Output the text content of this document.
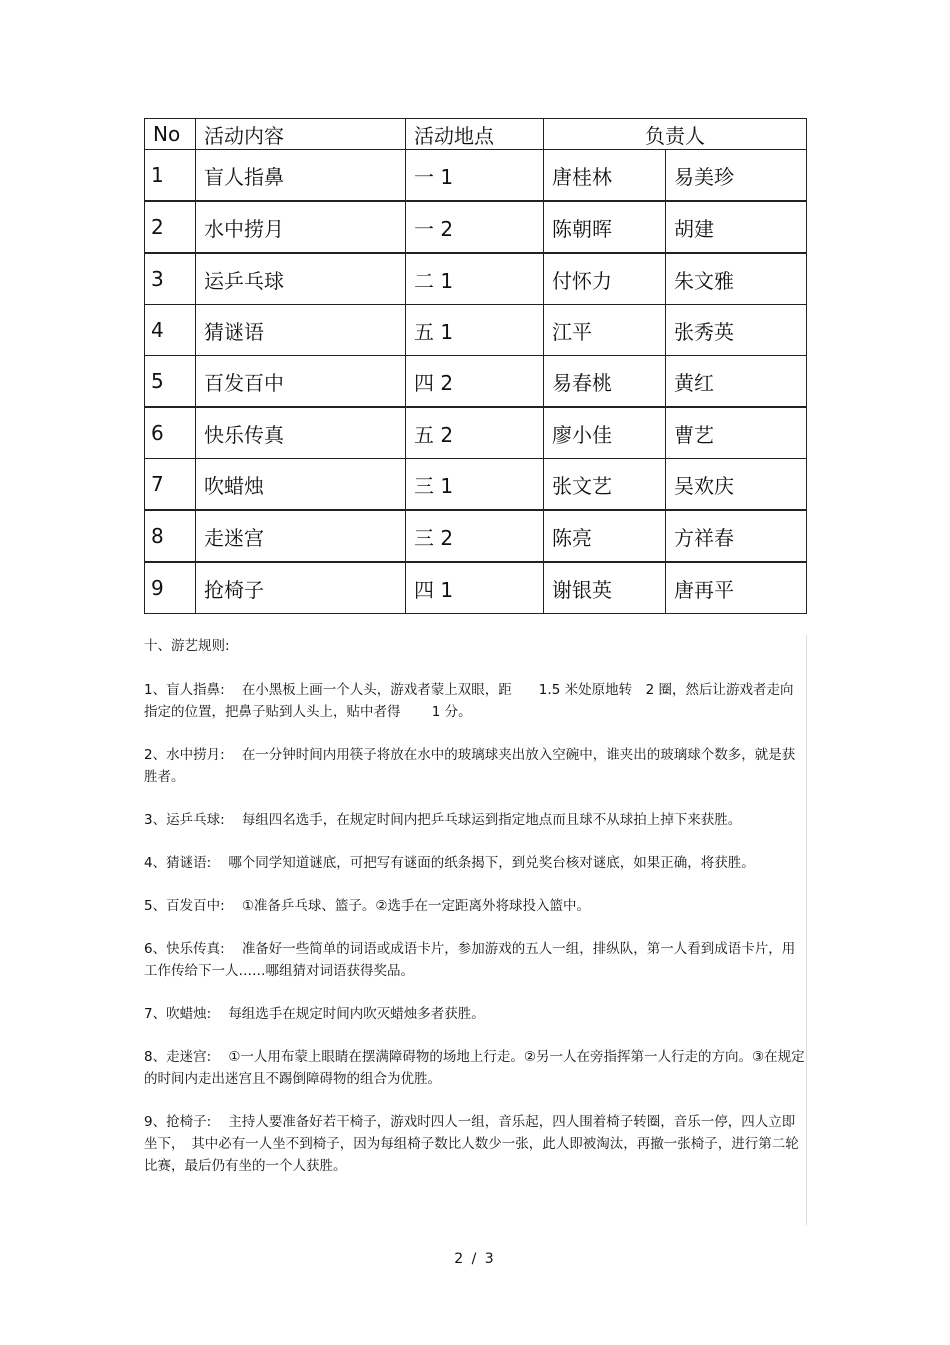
No	活动内容	活动地点	负责人	
1	盲人指鼻	一 1	唐桂林	易美珍
2	水中捞月	一 2	陈朝晖	胡建
3	运乒乓球	二 1	付怀力	朱文雅
4	猜谜语	五 1	江平	张秀英
5	百发百中	四 2	易春桃	黄红
6	快乐传真	五 2	廖小佳	曹艺
7	吹蜡烛	三 1	张文艺	吴欢庆
8	走迷宫	三 2	陈亮	方祥春
9	抢椅子	四 1	谢银英	唐再平
十、游艺规则:
1、盲人指鼻: 在小黑板上画一个人头，游戏者蒙上双眼，距　　1.5 米处原地转　2 圈，然后让游戏者走向指定的位置，把鼻子贴到人头上，贴中者得　　 1 分。
2、水中捞月: 在一分钟时间内用筷子将放在水中的玻璃球夹出放入空碗中，谁夹出的玻璃球个数多，就是获胜者。
3、运乒乓球: 每组四名选手，在规定时间内把乒乓球运到指定地点而且球不从球拍上掉下来获胜。
4、猜谜语: 哪个同学知道谜底，可把写有谜面的纸条揭下，到兑奖台核对谜底，如果正确，将获胜。
5、百发百中: ①准备乒乓球、篮子。②选手在一定距离外将球投入篮中。
6、快乐传真: 准备好一些简单的词语或成语卡片，参加游戏的五人一组，排纵队，第一人看到成语卡片，用工作传给下一人……哪组猜对词语获得奖品。
7、吹蜡烛: 每组选手在规定时间内吹灭蜡烛多者获胜。
8、走迷宫: ①一人用布蒙上眼睛在摆满障碍物的场地上行走。②另一人在旁指挥第一人行走的方向。③在规定的时间内走出迷宫且不踢倒障碍物的组合为优胜。
9、抢椅子: 主持人要准备好若干椅子，游戏时四人一组，音乐起，四人围着椅子转圈，音乐一停，四人立即坐下，　其中必有一人坐不到椅子，因为每组椅子数比人数少一张，此人即被淘汰，再撤一张椅子，进行第二轮比赛，最后仍有坐的一个人获胜。
2 / 3
